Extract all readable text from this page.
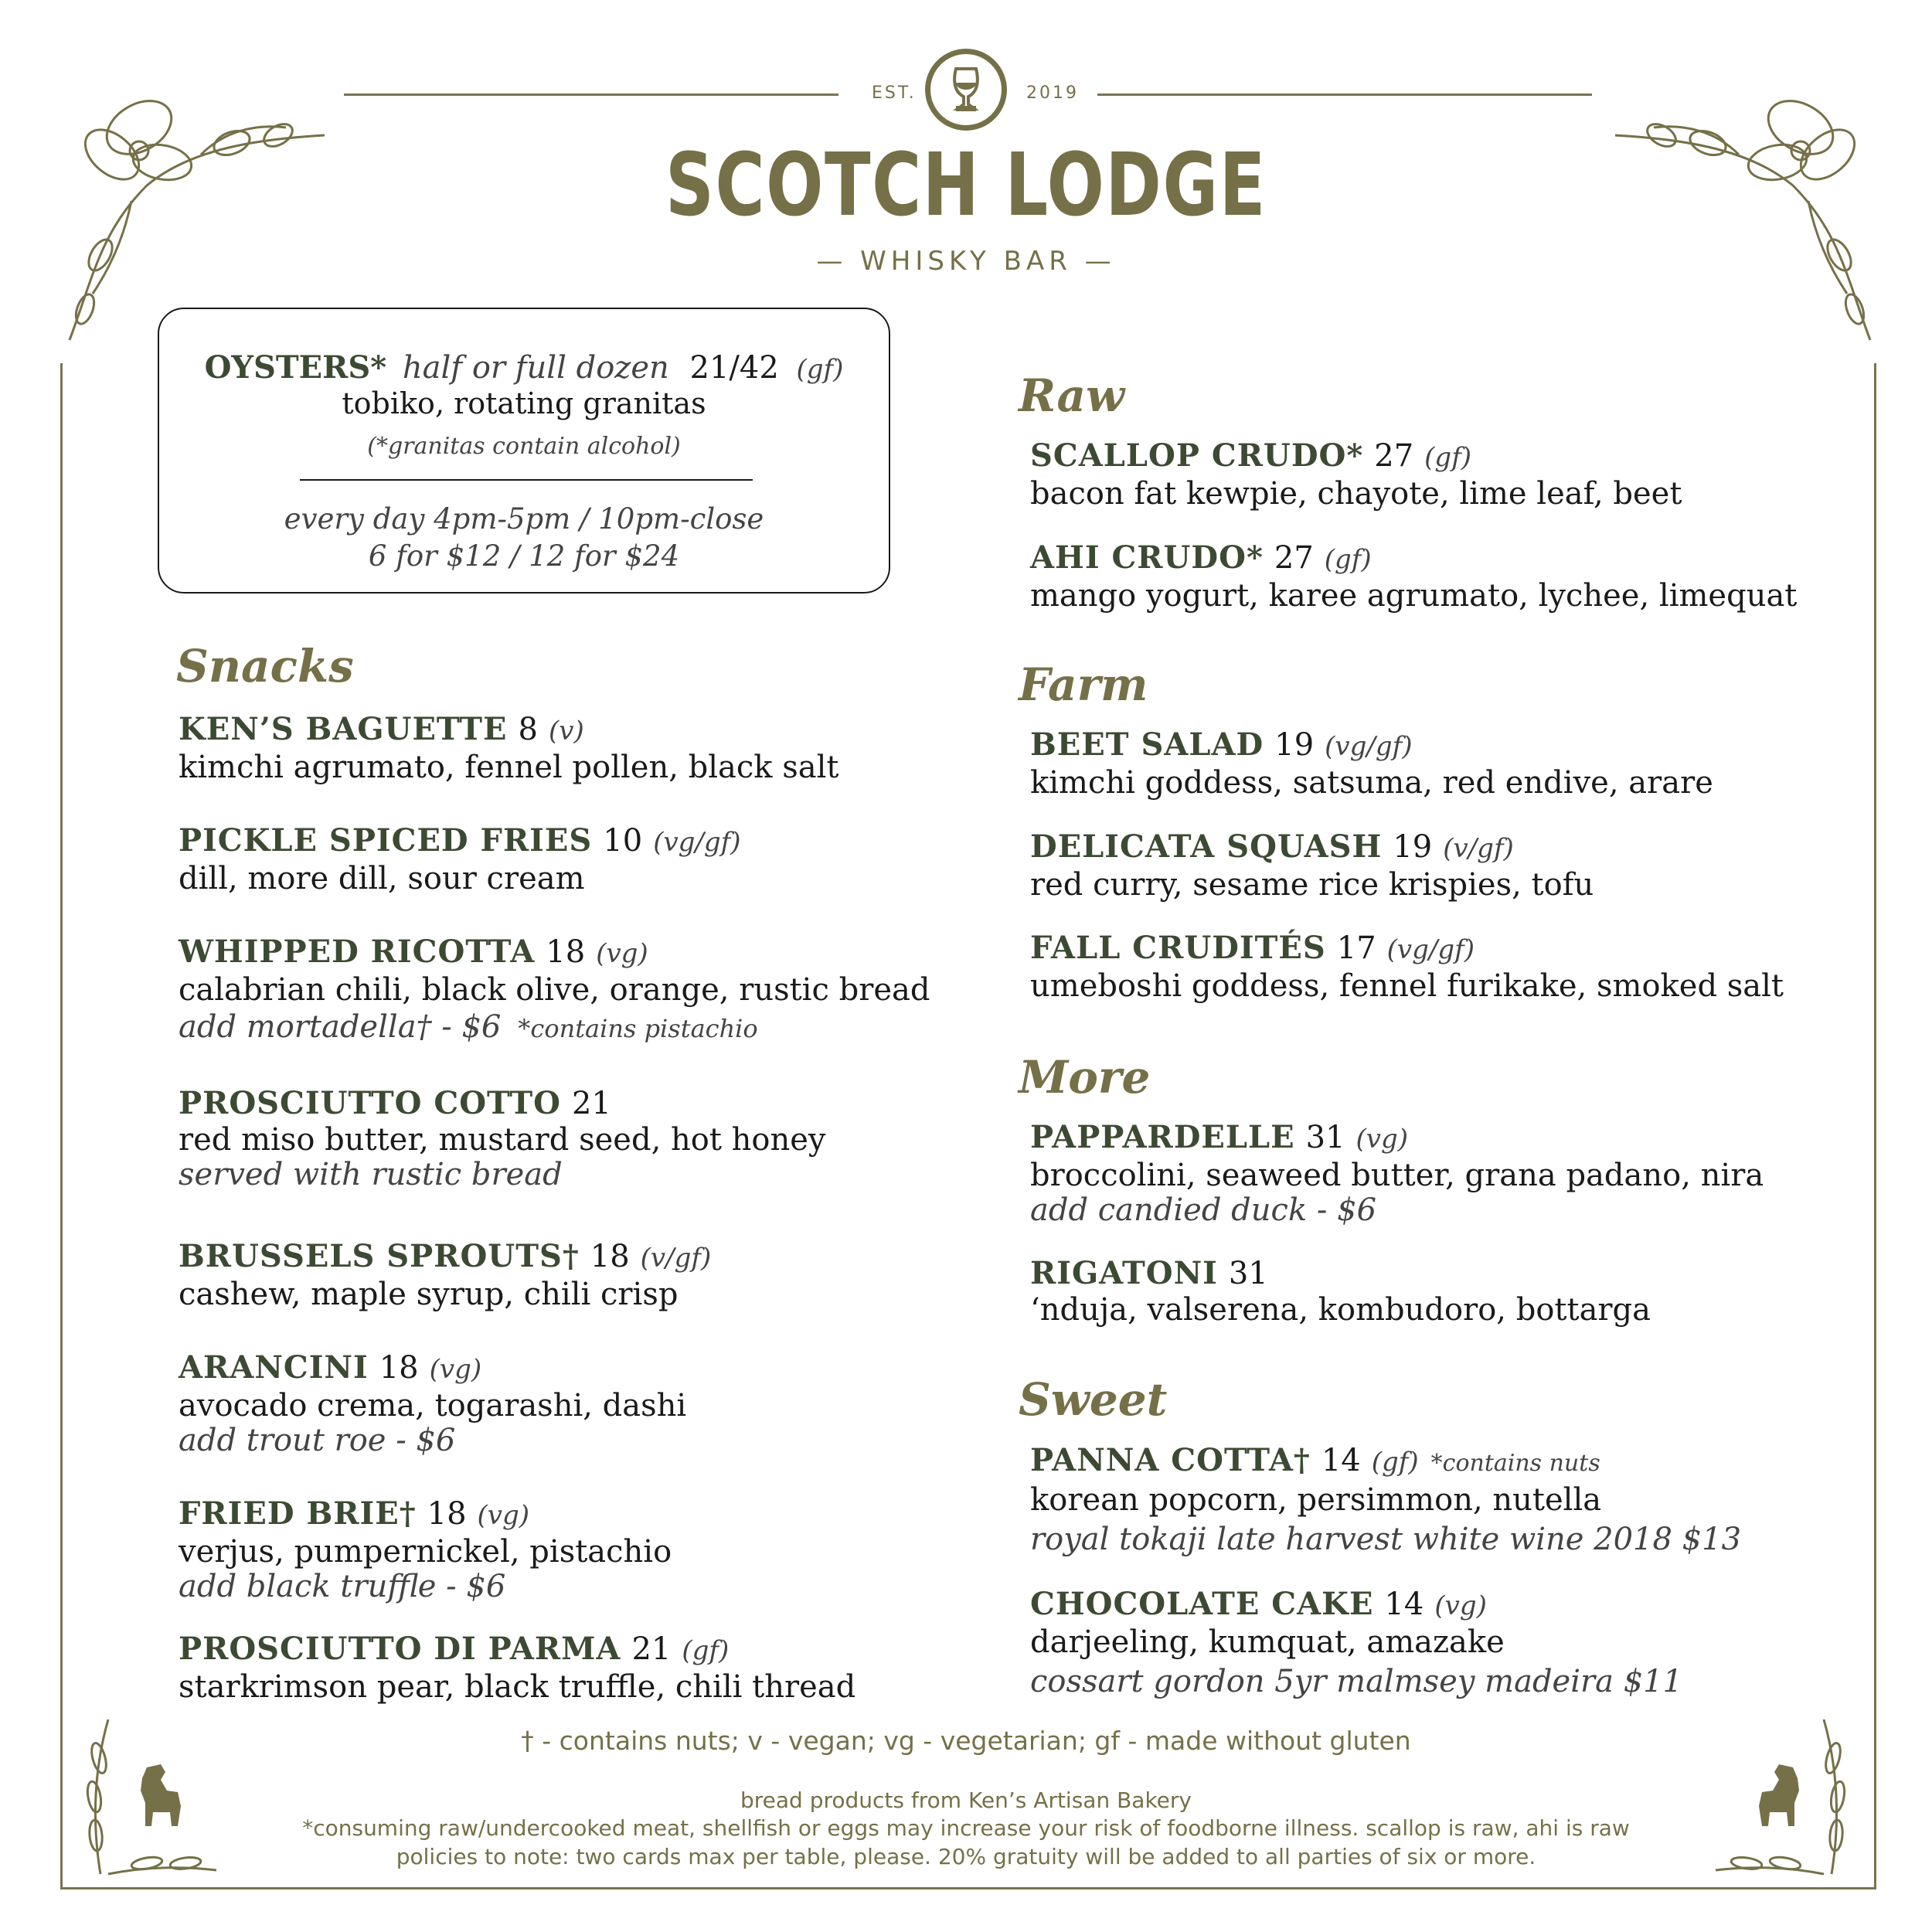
EST.	2019
SCOTCH LODGE
— WHISKY BAR —
OYSTERS* half or full dozen 21/42 (gf)
tobiko, rotating granitas
(*granitas contain alcohol)
every day 4pm-5pm / 10pm-close
6 for $12 / 12 for $24
Snacks
KEN’S BAGUETTE 8 (v)
kimchi agrumato, fennel pollen, black salt
PICKLE SPICED FRIES 10 (vg/gf)
dill, more dill, sour cream
WHIPPED RICOTTA 18 (vg)
calabrian chili, black olive, orange, rustic bread
add mortadella† - $6 *contains pistachio
PROSCIUTTO COTTO 21
red miso butter, mustard seed, hot honey
served with rustic bread
BRUSSELS SPROUTS† 18 (v/gf)
cashew, maple syrup, chili crisp
ARANCINI 18 (vg)
avocado crema, togarashi, dashi
add trout roe - $6
FRIED BRIE† 18 (vg)
verjus, pumpernickel, pistachio
add black truffle - $6
PROSCIUTTO DI PARMA 21 (gf)
starkrimson pear, black truffle, chili thread
Raw
SCALLOP CRUDO* 27 (gf)
bacon fat kewpie, chayote, lime leaf, beet
AHI CRUDO* 27 (gf)
mango yogurt, karee agrumato, lychee, limequat
Farm
BEET SALAD 19 (vg/gf)
kimchi goddess, satsuma, red endive, arare
DELICATA SQUASH 19 (v/gf)
red curry, sesame rice krispies, tofu
FALL CRUDITÉS 17 (vg/gf)
umeboshi goddess, fennel furikake, smoked salt
More
PAPPARDELLE 31 (vg)
broccolini, seaweed butter, grana padano, nira
add candied duck - $6
RIGATONI 31
‘nduja, valserena, kombudoro, bottarga
Sweet
PANNA COTTA† 14 (gf) *contains nuts
korean popcorn, persimmon, nutella
royal tokaji late harvest white wine 2018 $13
CHOCOLATE CAKE 14 (vg)
darjeeling, kumquat, amazake
cossart gordon 5yr malmsey madeira $11
† - contains nuts; v - vegan; vg - vegetarian; gf - made without gluten
bread products from Ken’s Artisan Bakery
*consuming raw/undercooked meat, shellfish or eggs may increase your risk of foodborne illness. scallop is raw, ahi is raw
policies to note: two cards max per table, please. 20% gratuity will be added to all parties of six or more.
